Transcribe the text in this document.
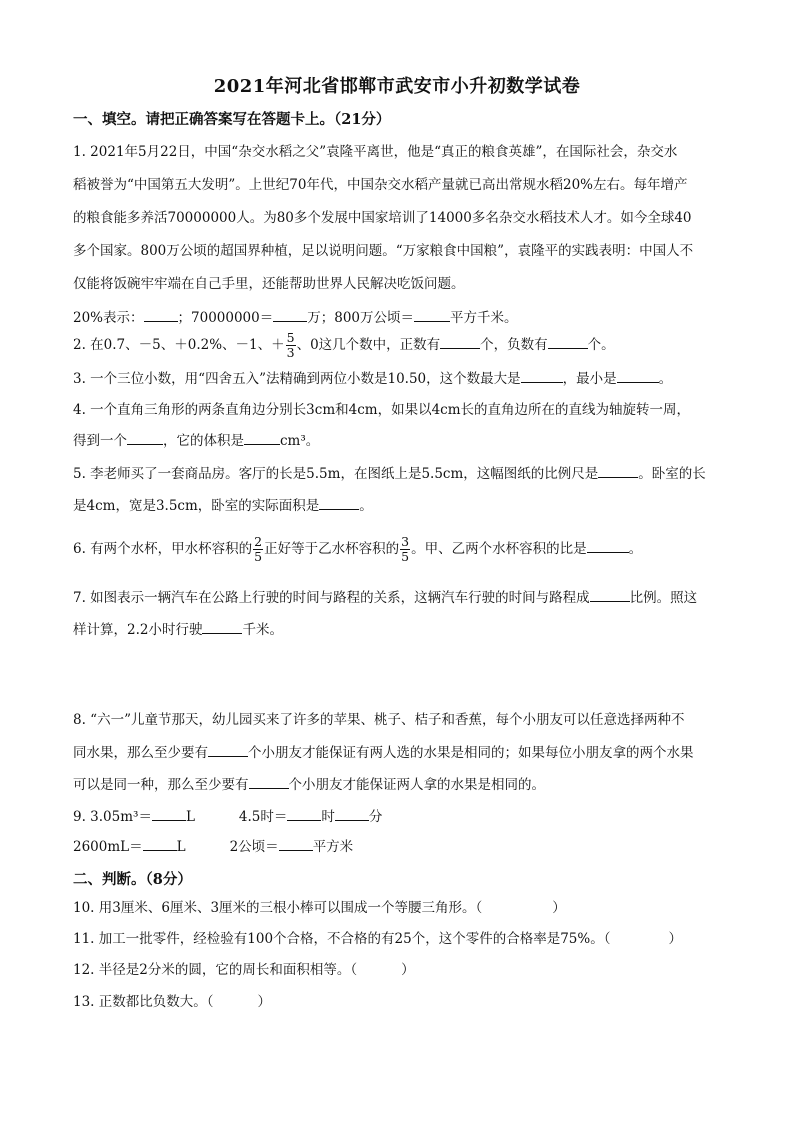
2021年河北省邯郸市武安市小升初数学试卷
一、填空。请把正确答案写在答题卡上。（21分）
1. 2021年5月22日，中国“杂交水稻之父”袁隆平离世，他是“真正的粮食英雄”，在国际社会，杂交水
稻被誉为“中国第五大发明”。上世纪70年代，中国杂交水稻产量就已高出常规水稻20%左右。每年增产
的粮食能多养活70000000人。为80多个发展中国家培训了14000多名杂交水稻技术人才。如今全球40
多个国家。800万公顷的超国界种植，足以说明问题。“万家粮食中国粮”，袁隆平的实践表明：中国人不
仅能将饭碗牢牢端在自己手里，还能帮助世界人民解决吃饭问题。
20%表示：	；70000000＝	万；800万公顷＝	平方千米。
2. 在0.7、－5、＋0.2%、－1、＋ $\frac{5}{3}$ 、0这几个数中，正数有	个，负数有	个。
3. 一个三位小数，用“四舍五入”法精确到两位小数是10.50，这个数最大是	，最小是	。
4. 一个直角三角形的两条直角边分别长3cm和4cm，如果以4cm长的直角边所在的直线为轴旋转一周，
得到一个	，它的体积是	cm³。
5. 李老师买了一套商品房。客厅的长是5.5m，在图纸上是5.5cm，这幅图纸的比例尺是	。卧室的长
是4cm，宽是3.5cm，卧室的实际面积是	。
6. 有两个水杯，甲水杯容积的 $\frac{2}{5}$ 正好等于乙水杯容积的 $\frac{3}{5}$ 。甲、乙两个水杯容积的比是	。
7. 如图表示一辆汽车在公路上行驶的时间与路程的关系，这辆汽车行驶的时间与路程成	比例。照这
样计算，2.2小时行驶	千米。
8. “六一”儿童节那天，幼儿园买来了许多的苹果、桃子、桔子和香蕉，每个小朋友可以任意选择两种不
同水果，那么至少要有	个小朋友才能保证有两人选的水果是相同的；如果每位小朋友拿的两个水果
可以是同一种，那么至少要有	个小朋友才能保证两人拿的水果是相同的。
9. 3.05m³＝	L	4.5时＝	时	分
2600mL＝	L	2公顷＝	平方米
二、判断。（8分）
10. 用3厘米、6厘米、3厘米的三根小棒可以围成一个等腰三角形。（	）
11. 加工一批零件，经检验有100个合格，不合格的有25个，这个零件的合格率是75%。（	）
12. 半径是2分米的圆，它的周长和面积相等。（	）
13. 正数都比负数大。（	）
